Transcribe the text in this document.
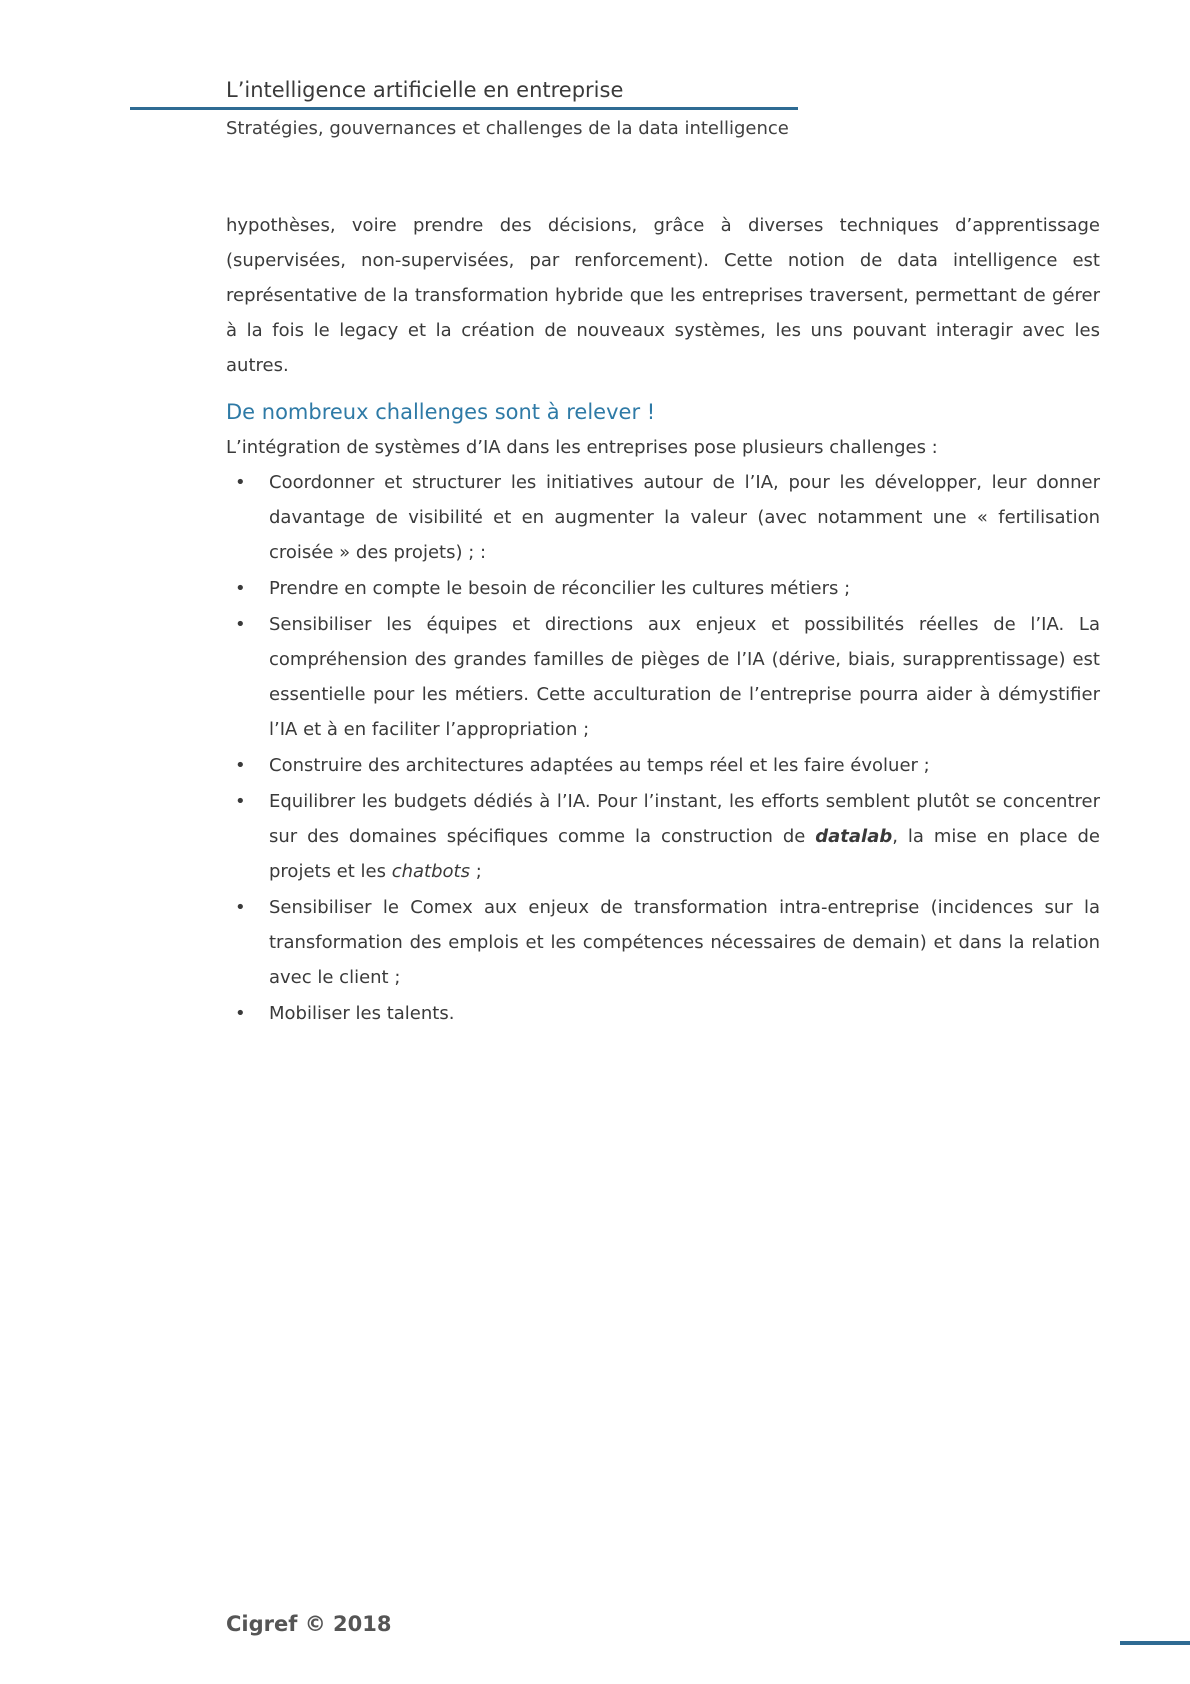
L’intelligence artificielle en entreprise
Stratégies, gouvernances et challenges de la data intelligence

hypothèses, voire prendre des décisions, grâce à diverses techniques d’apprentissage (supervisées, non-supervisées, par renforcement). Cette notion de data intelligence est représentative de la transformation hybride que les entreprises traversent, permettant de gérer à la fois le legacy et la création de nouveaux systèmes, les uns pouvant interagir avec les autres.

De nombreux challenges sont à relever !

L’intégration de systèmes d’IA dans les entreprises pose plusieurs challenges :

• Coordonner et structurer les initiatives autour de l’IA, pour les développer, leur donner davantage de visibilité et en augmenter la valeur (avec notamment une « fertilisation croisée » des projets) ; :
• Prendre en compte le besoin de réconcilier les cultures métiers ;
• Sensibiliser les équipes et directions aux enjeux et possibilités réelles de l’IA. La compréhension des grandes familles de pièges de l’IA (dérive, biais, surapprentissage) est essentielle pour les métiers. Cette acculturation de l’entreprise pourra aider à démystifier l’IA et à en faciliter l’appropriation ;
• Construire des architectures adaptées au temps réel et les faire évoluer ;
• Equilibrer les budgets dédiés à l’IA. Pour l’instant, les efforts semblent plutôt se concentrer sur des domaines spécifiques comme la construction de datalab, la mise en place de projets et les chatbots ;
• Sensibiliser le Comex aux enjeux de transformation intra-entreprise (incidences sur la transformation des emplois et les compétences nécessaires de demain) et dans la relation avec le client ;
• Mobiliser les talents.
Cigref © 2018
